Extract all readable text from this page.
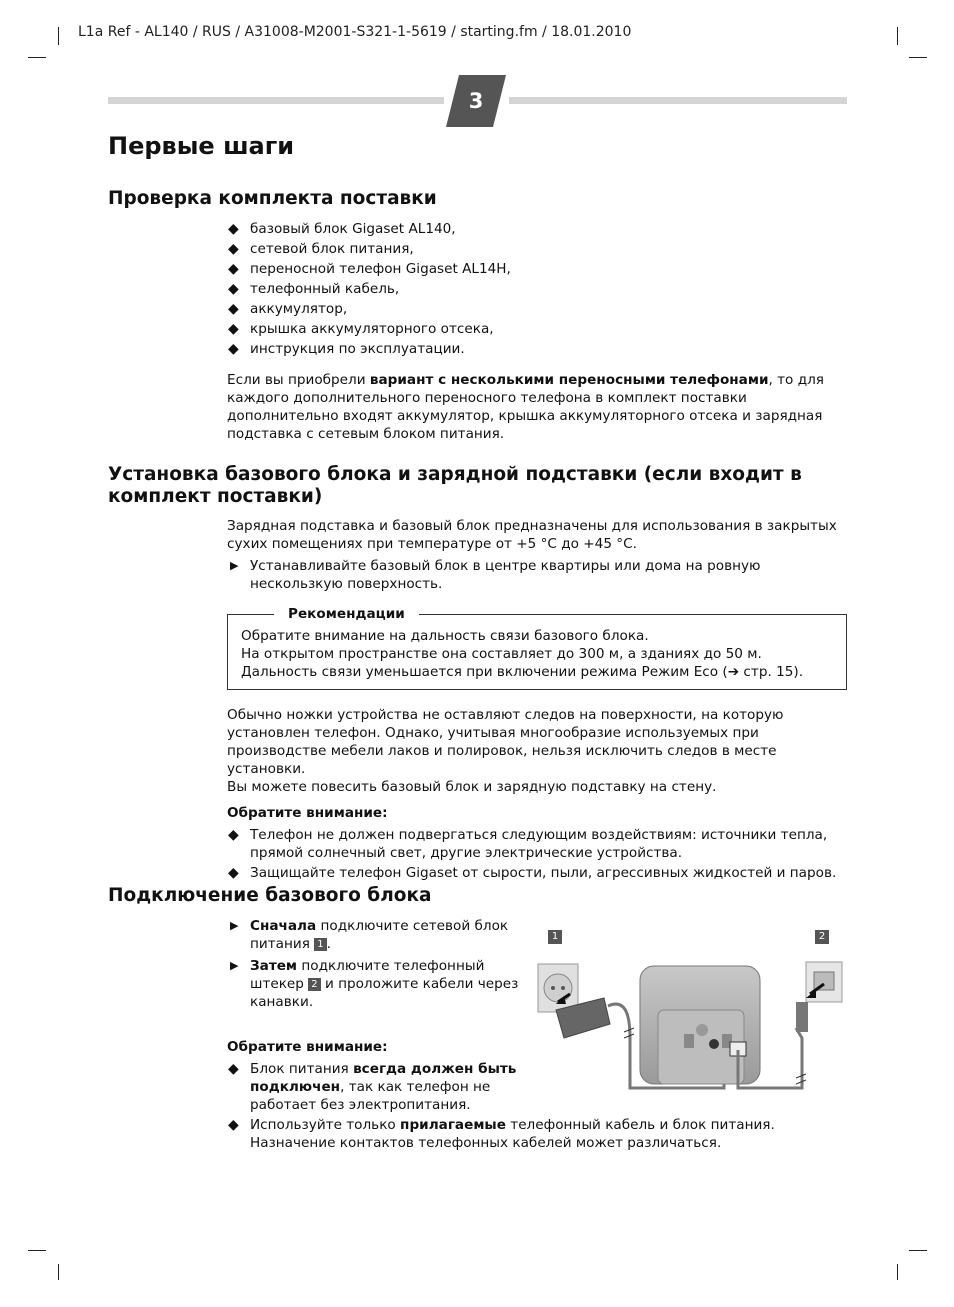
L1a Ref - AL140 / RUS / A31008-M2001-S321-1-5619 / starting.fm / 18.01.2010
3
Первые шаги
Проверка комплекта поставки
◆ базовый блок Gigaset AL140,
◆ сетевой блок питания,
◆ переносной телефон Gigaset AL14H,
◆ телефонный кабель,
◆ аккумулятор,
◆ крышка аккумуляторного отсека,
◆ инструкция по эксплуатации.

Если вы приобрели вариант с несколькими переносными телефонами, то для каждого дополнительного переносного телефона в комплект поставки дополнительно входят аккумулятор, крышка аккумуляторного отсека и зарядная подставка с сетевым блоком питания.

Установка базового блока и зарядной подставки (если входит в комплект поставки)

Зарядная подставка и базовый блок предназначены для использования в закрытых сухих помещениях при температуре от +5 °C до +45 °C.

▶ Устанавливайте базовый блок в центре квартиры или дома на ровную нескользкую поверхность.
Рекомендации

Обратите внимание на дальность связи базового блока.

На открытом пространстве она составляет до 300 м, а зданиях до 50 м. Дальность связи уменьшается при включении режима Режим Eco (➔ стр. 15).

Обычно ножки устройства не оставляют следов на поверхности, на которую установлен телефон. Однако, учитывая многообразие используемых при производстве мебели лаков и полировок, нельзя исключить следов в месте установки.

Вы можете повесить базовый блок и зарядную подставку на стену.

Обратите внимание:

◆ Телефон не должен подвергаться следующим воздействиям: источники тепла, прямой солнечный свет, другие электрические устройства.
◆ Защищайте телефон Gigaset от сырости, пыли, агрессивных жидкостей и паров.
Подключение базового блока
▶ Сначала подключите сетевой блок питания 1 .
▶ Затем подключите телефонный штекер 2 и проложите кабели через канавки.
Обратите внимание:
◆ Блок питания всегда должен быть подключен, так как телефон не работает без электропитания.
◆ Используйте только прилагаемые телефонный кабель и блок питания. Назначение контактов телефонных кабелей может различаться.
1	2
